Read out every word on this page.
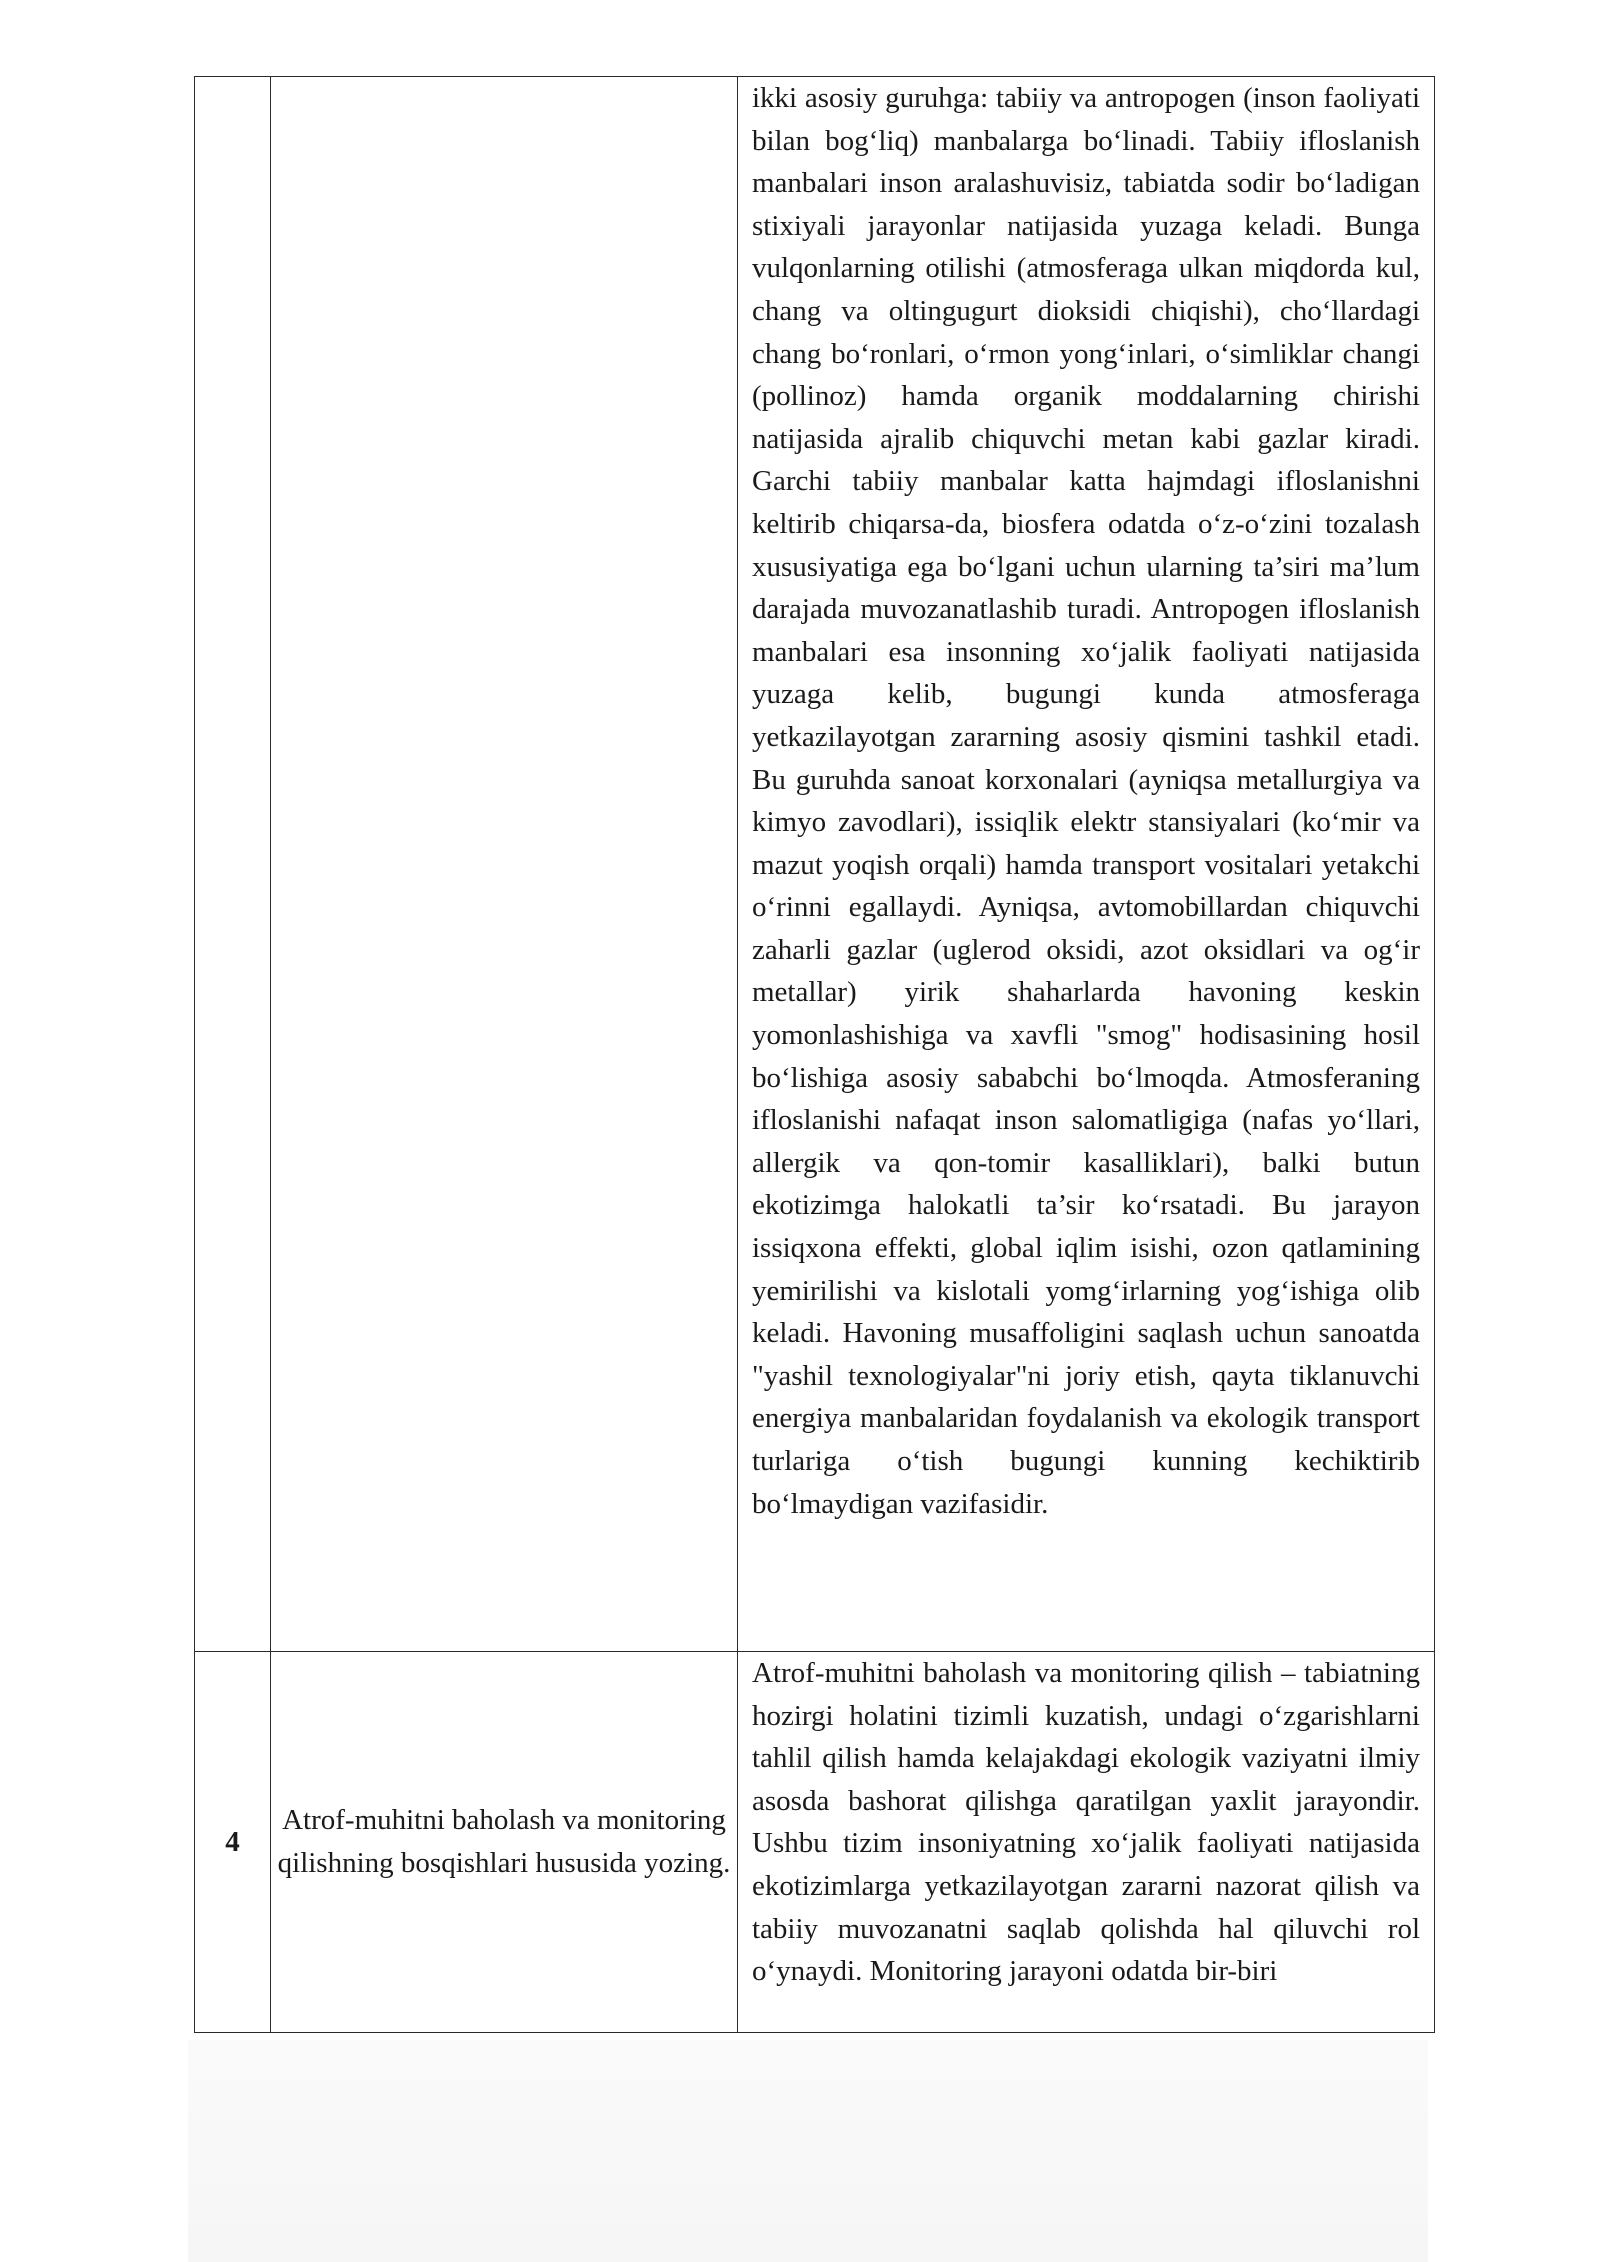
		ikki asosiy guruhga: tabiiy va antropogen (inson faoliyati bilan bog‘liq) manbalarga bo‘linadi. Tabiiy ifloslanish manbalari inson aralashuvisiz, tabiatda sodir bo‘ladigan stixiyali jarayonlar natijasida yuzaga keladi. Bunga vulqonlarning otilishi (atmosferaga ulkan miqdorda kul, chang va oltingugurt dioksidi chiqishi), cho‘llardagi chang bo‘ronlari, o‘rmon yong‘inlari, o‘simliklar changi (pollinoz) hamda organik moddalarning chirishi natijasida ajralib chiquvchi metan kabi gazlar kiradi. Garchi tabiiy manbalar katta hajmdagi ifloslanishni keltirib chiqarsa-da, biosfera odatda o‘z-o‘zini tozalash xususiyatiga ega bo‘lgani uchun ularning ta’siri ma’lum darajada muvozanatlashib turadi. Antropogen ifloslanish manbalari esa insonning xo‘jalik faoliyati natijasida yuzaga kelib, bugungi kunda atmosferaga yetkazilayotgan zararning asosiy qismini tashkil etadi. Bu guruhda sanoat korxonalari (ayniqsa metallurgiya va kimyo zavodlari), issiqlik elektr stansiyalari (ko‘mir va mazut yoqish orqali) hamda transport vositalari yetakchi o‘rinni egallaydi. Ayniqsa, avtomobillardan chiquvchi zaharli gazlar (uglerod oksidi, azot oksidlari va og‘ir metallar) yirik shaharlarda havoning keskin yomonlashishiga va xavfli "smog" hodisasining hosil bo‘lishiga asosiy sababchi bo‘lmoqda. Atmosferaning ifloslanishi nafaqat inson salomatligiga (nafas yo‘llari, allergik va qon-tomir kasalliklari), balki butun ekotizimga halokatli ta’sir ko‘rsatadi. Bu jarayon issiqxona effekti, global iqlim isishi, ozon qatlamining yemirilishi va kislotali yomg‘irlarning yog‘ishiga olib keladi. Havoning musaffoligini saqlash uchun sanoatda "yashil texnologiyalar"ni joriy etish, qayta tiklanuvchi energiya manbalaridan foydalanish va ekologik transport turlariga o‘tish bugungi kunning kechiktirib bo‘lmaydigan vazifasidir.

4	Atrof-muhitni baholash va monitoring qilishning bosqishlari hususida yozing.	Atrof-muhitni baholash va monitoring qilish – tabiatning hozirgi holatini tizimli kuzatish, undagi o‘zgarishlarni tahlil qilish hamda kelajakdagi ekologik vaziyatni ilmiy asosda bashorat qilishga qaratilgan yaxlit jarayondir. Ushbu tizim insoniyatning xo‘jalik faoliyati natijasida ekotizimlarga yetkazilayotgan zararni nazorat qilish va tabiiy muvozanatni saqlab qolishda hal qiluvchi rol o‘ynaydi. Monitoring jarayoni odatda bir-biri
